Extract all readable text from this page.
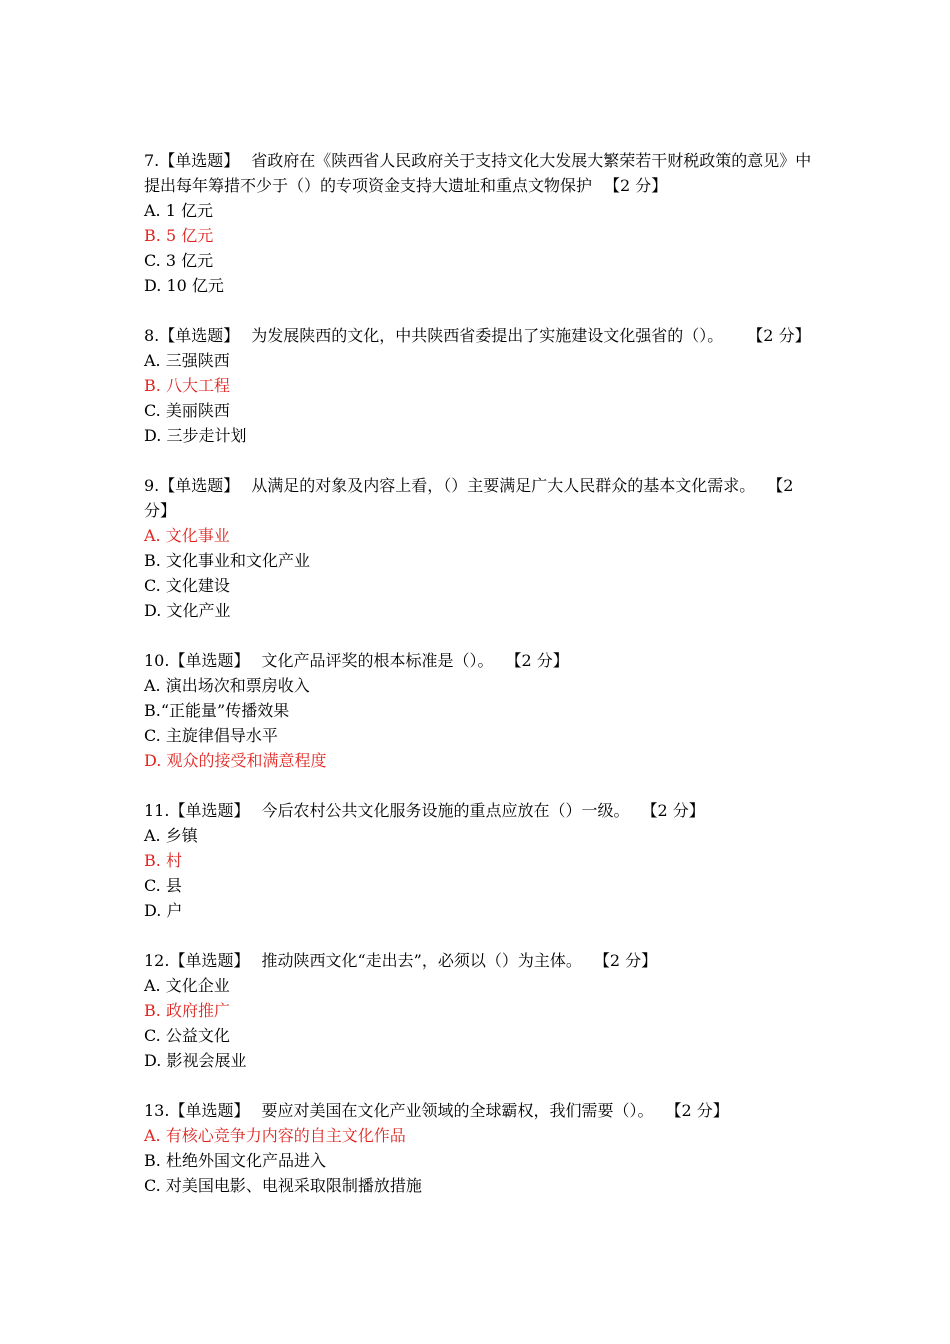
7.【单选题】 省政府在《陕西省人民政府关于支持文化大发展大繁荣若干财税政策的意见》中提出每年筹措不少于（）的专项资金支持大遗址和重点文物保护 【2 分】
A. 1 亿元
B. 5 亿元
C. 3 亿元
D. 10 亿元
8.【单选题】 为发展陕西的文化，中共陕西省委提出了实施建设文化强省的（）。 【2 分】
A. 三强陕西
B. 八大工程
C. 美丽陕西
D. 三步走计划
9.【单选题】 从满足的对象及内容上看，（）主要满足广大人民群众的基本文化需求。 【2 分】
A. 文化事业
B. 文化事业和文化产业
C. 文化建设
D. 文化产业
10.【单选题】 文化产品评奖的根本标准是（）。 【2 分】
A. 演出场次和票房收入
B.“正能量”传播效果
C. 主旋律倡导水平
D. 观众的接受和满意程度
11.【单选题】 今后农村公共文化服务设施的重点应放在（）一级。 【2 分】
A. 乡镇
B. 村
C. 县
D. 户
12.【单选题】 推动陕西文化“走出去”，必须以（）为主体。 【2 分】
A. 文化企业
B. 政府推广
C. 公益文化
D. 影视会展业
13.【单选题】 要应对美国在文化产业领域的全球霸权，我们需要（）。 【2 分】
A. 有核心竞争力内容的自主文化作品
B. 杜绝外国文化产品进入
C. 对美国电影、电视采取限制播放措施
